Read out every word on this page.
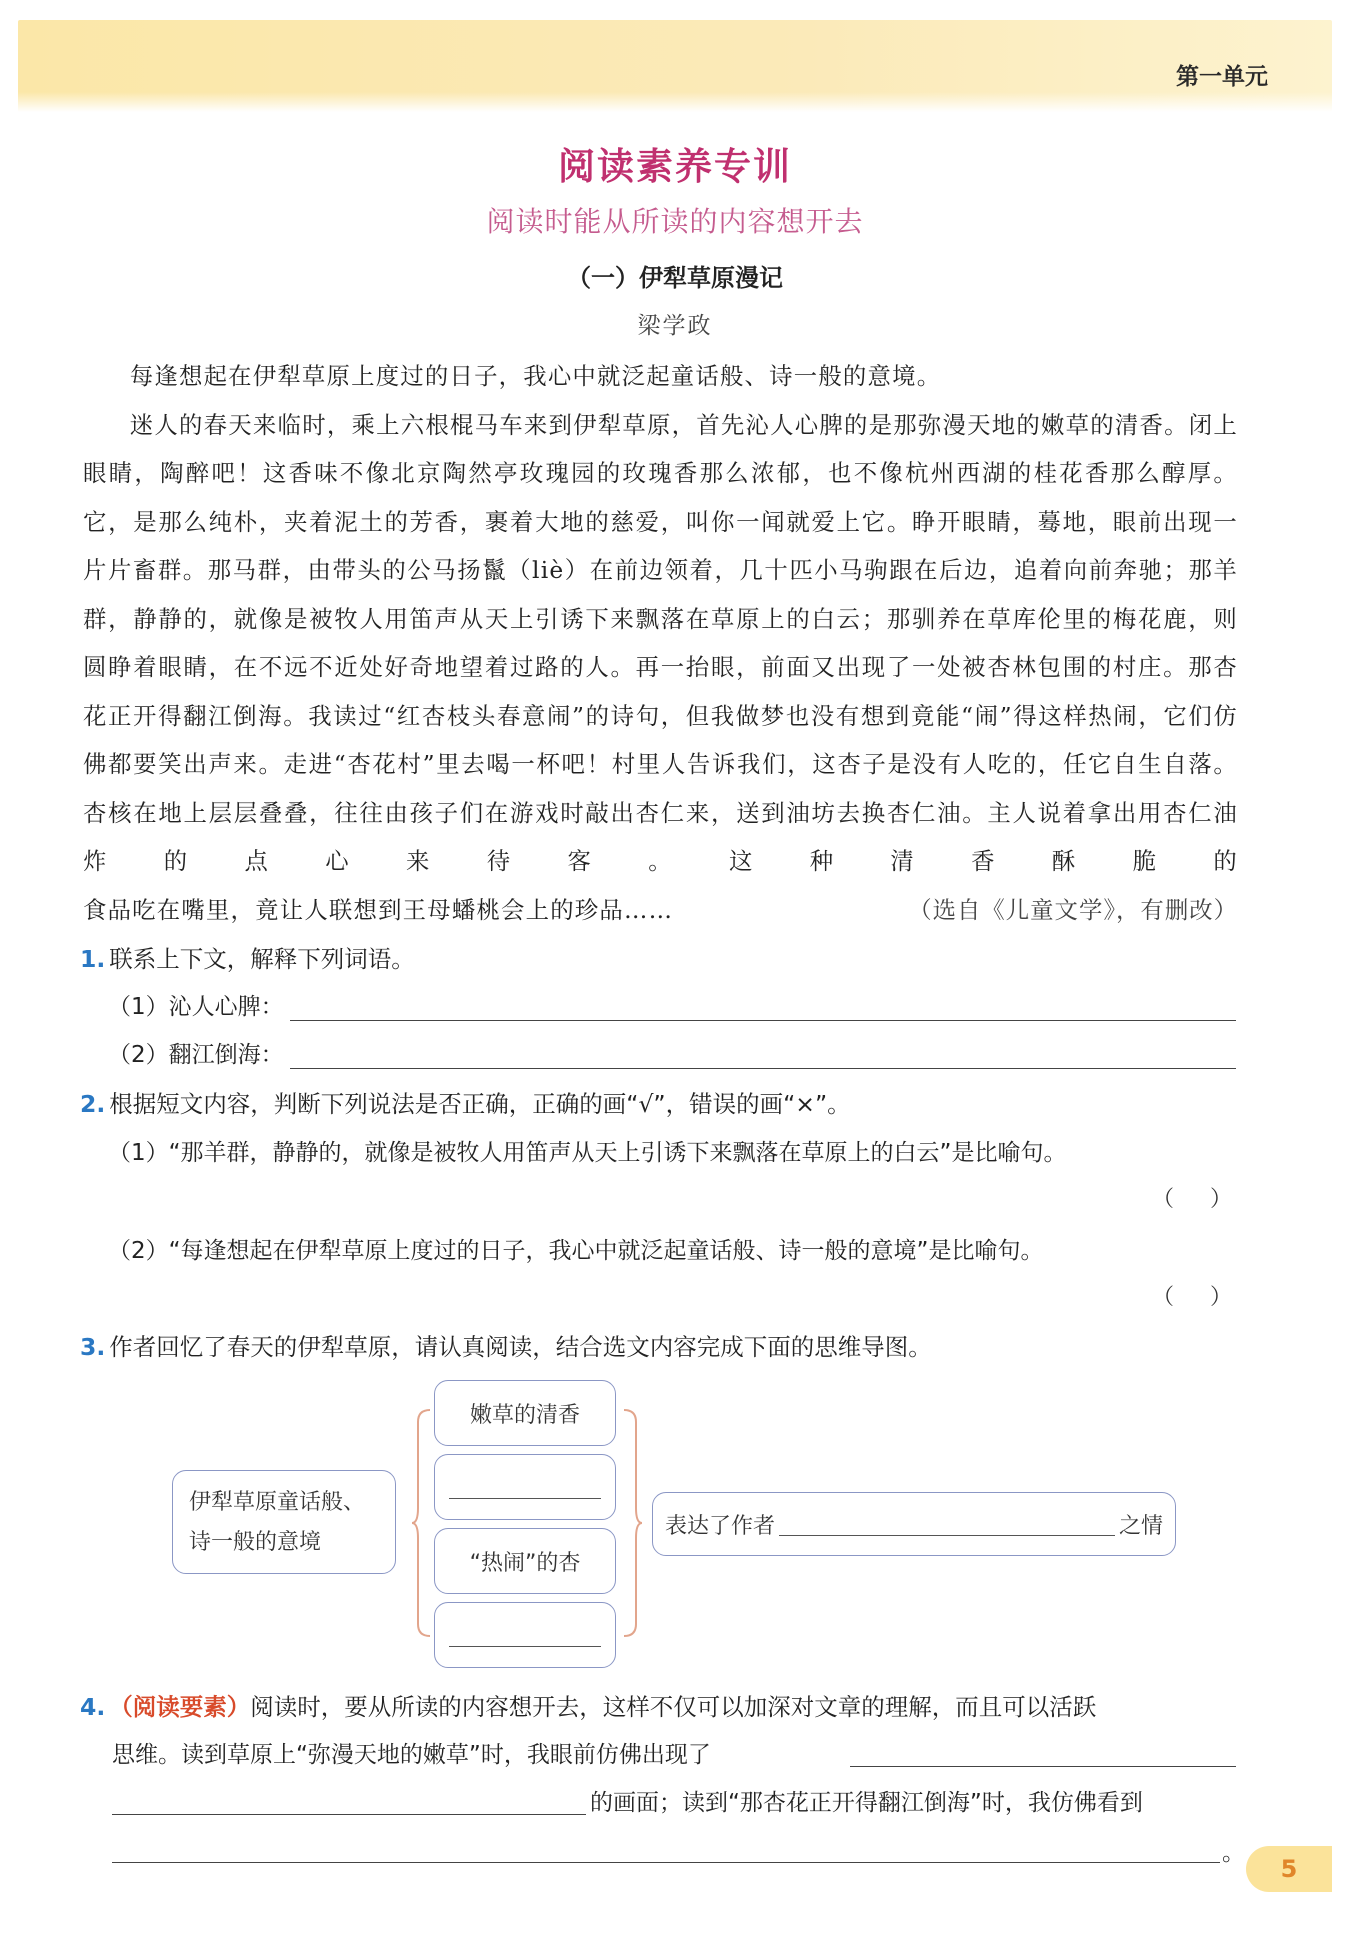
第一单元
阅读素养专训
阅读时能从所读的内容想开去
（一）伊犁草原漫记
梁学政

每逢想起在伊犁草原上度过的日子，我心中就泛起童话般、诗一般的意境。

迷人的春天来临时，乘上六根棍马车来到伊犁草原，首先沁人心脾的是那弥漫天地的嫩草的清香。闭上眼睛，陶醉吧！这香味不像北京陶然亭玫瑰园的玫瑰香那么浓郁，也不像杭州西湖的桂花香那么醇厚。它，是那么纯朴，夹着泥土的芳香，裹着大地的慈爱，叫你一闻就爱上它。睁开眼睛，蓦地，眼前出现一片片畜群。那马群，由带头的公马扬鬣（liè）在前边领着，几十匹小马驹跟在后边，追着向前奔驰；那羊群，静静的，就像是被牧人用笛声从天上引诱下来飘落在草原上的白云；那驯养在草库伦里的梅花鹿，则圆睁着眼睛，在不远不近处好奇地望着过路的人。再一抬眼，前面又出现了一处被杏林包围的村庄。那杏花正开得翻江倒海。我读过“红杏枝头春意闹”的诗句，但我做梦也没有想到竟能“闹”得这样热闹，它们仿佛都要笑出声来。走进“杏花村”里去喝一杯吧！村里人告诉我们，这杏子是没有人吃的，任它自生自落。杏核在地上层层叠叠，往往由孩子们在游戏时敲出杏仁来，送到油坊去换杏仁油。主人说着拿出用杏仁油炸的点心来待客。这种清香酥脆的

食品吃在嘴里，竟让人联想到王母蟠桃会上的珍品……	（选自《儿童文学》，有删改）

1. 联系上下文，解释下列词语。
（1）沁人心脾：
（2）翻江倒海：
2. 根据短文内容，判断下列说法是否正确，正确的画“√”，错误的画“×”。
（1）“那羊群，静静的，就像是被牧人用笛声从天上引诱下来飘落在草原上的白云”是比喻句。
（ ）
（2）“每逢想起在伊犁草原上度过的日子，我心中就泛起童话般、诗一般的意境”是比喻句。
（ ）
3. 作者回忆了春天的伊犁草原，请认真阅读，结合选文内容完成下面的思维导图。
伊犁草原童话般、
诗一般的意境
嫩草的清香
“热闹”的杏
表达了作者	之情
4. （阅读要素）阅读时，要从所读的内容想开去，这样不仅可以加深对文章的理解，而且可以活跃
思维。读到草原上“弥漫天地的嫩草”时，我眼前仿佛出现了
的画面；读到“那杏花正开得翻江倒海”时，我仿佛看到
。
5
